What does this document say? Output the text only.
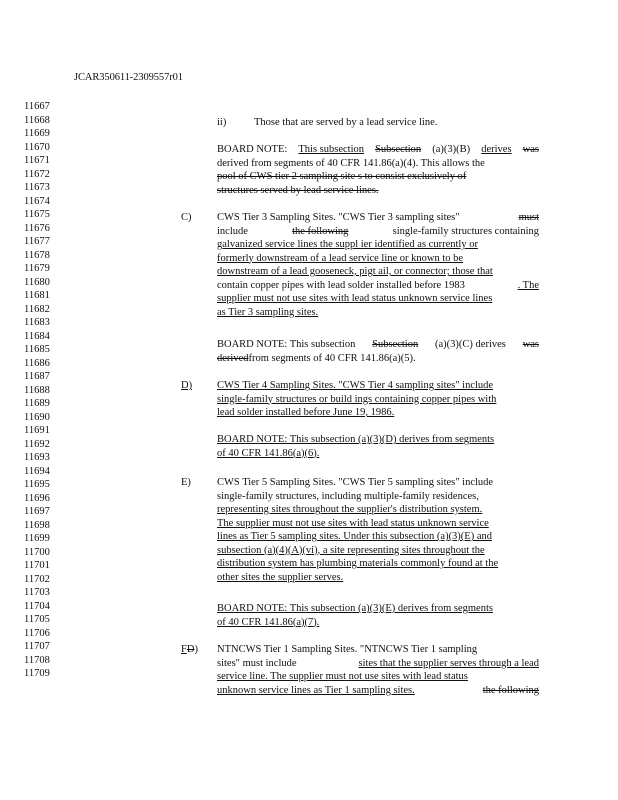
JCAR350611-2309557r01
11667
11668
11669
11670
11671
11672
11673
11674
11675
11676
11677
11678
11679
11680
11681
11682
11683
11684
11685
11686
11687
11688
11689
11690
11691
11692
11693
11694
11695
11696
11697
11698
11699
11700
11701
11702
11703
11704
11705
11706
11707
11708
11709
ii)	Those that are served by a lead service line.
BOARD NOTE: This subsection Subsection (a)(3)(B) derives was
derived from segments of 40 CFR 141.86(a)(4). This allows the
pool of CWS tier 2 sampling site s to consist exclusively of
structures served by lead service lines.
C) CWS Tier 3 Sampling Sites. "CWS Tier 3 sampling sites"	must
include	the following	single-family structures containing
galvanized service lines the suppl ier identified as currently or
formerly downstream of a lead service line or known to be
downstream of a lead gooseneck, pigt ail, or connector; those that
contain copper pipes with lead solder installed before 1983	. The
supplier must not use sites with lead status unknown service lines
as Tier 3 sampling sites.
BOARD NOTE: This subsection Subsection (a)(3)(C) derives was
derived from segments of 40 CFR 141.86(a)(5).
D) CWS Tier 4 Sampling Sites. "CWS Tier 4 sampling sites" include
single-family structures or build ings containing copper pipes with
lead solder installed before June 19, 1986.
BOARD NOTE: This subsection (a)(3)(D) derives from segments
of 40 CFR 141.86(a)(6).
E) CWS Tier 5 Sampling Sites. "CWS Tier 5 sampling sites" include
single-family structures, including multiple-family residences,
representing sites throughout the supplier's distribution system.
The supplier must not use sites with lead status unknown service
lines as Tier 5 sampling sites. Under this subsection (a)(3)(E) and
subsection (a)(4)(A)(vi), a site representing sites throughout the
distribution system has plumbing materials commonly found at the
other sites the supplier serves.
BOARD NOTE: This subsection (a)(3)(E) derives from segments
of 40 CFR 141.86(a)(7).
FD) NTNCWS Tier 1 Sampling Sites. "NTNCWS Tier 1 sampling
sites" must include	sites that the supplier serves through a lead
service line. The supplier must not use sites with lead status
unknown service lines as Tier 1 sampling sites.	the following
